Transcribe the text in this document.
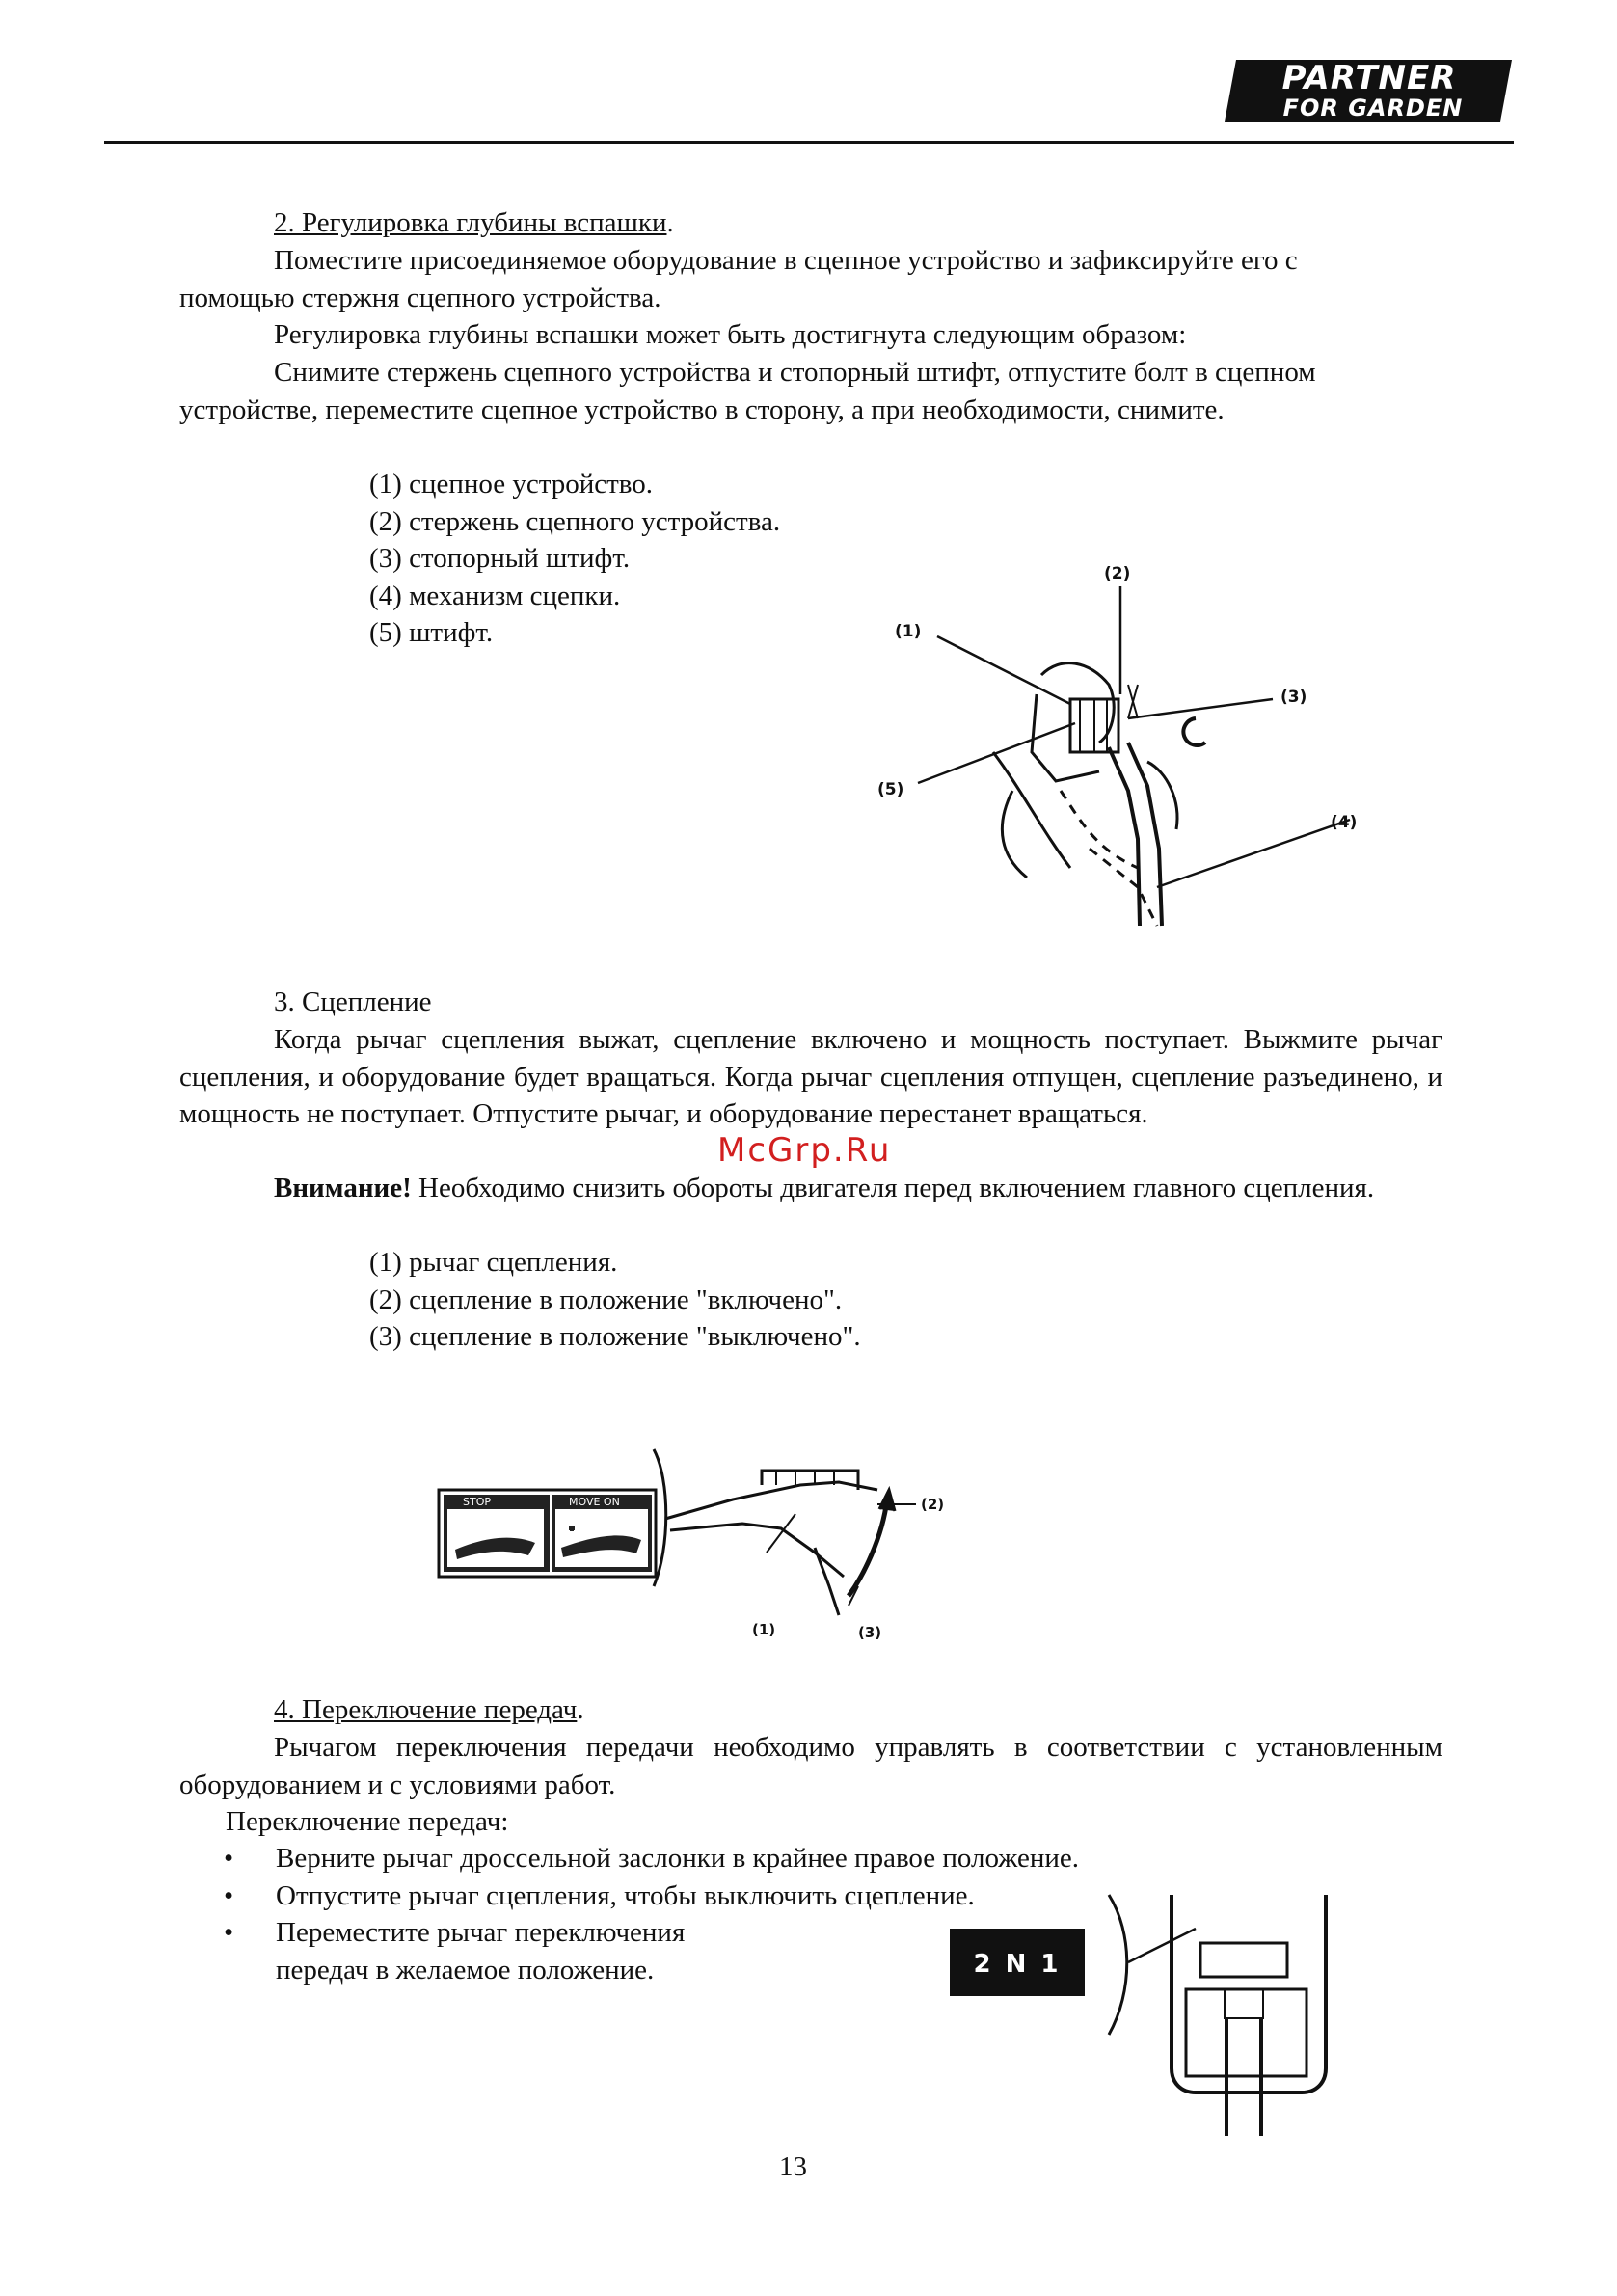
PARTNER
FOR GARDEN
2. Регулировка глубины вспашки.
Поместите присоединяемое оборудование в сцепное устройство и зафиксируйте его с помощью стержня сцепного устройства.
Регулировка глубины вспашки может быть достигнута следующим образом:
Снимите стержень сцепного устройства и стопорный штифт, отпустите болт в сцепном устройстве, переместите сцепное устройство в сторону, а при необходимости, снимите.
(1) сцепное устройство.
(2) стержень сцепного устройства.
(3) стопорный штифт.
(4) механизм сцепки.
(5) штифт.	(1)
(2)
(3)
(4)
(5)
3. Сцепление
Когда рычаг сцепления выжат, сцепление включено и мощность поступает. Выжмите рычаг сцепления, и оборудование будет вращаться. Когда рычаг сцепления отпущен, сцепление разъединено, и мощность не поступает. Отпустите рычаг, и оборудование перестанет вращаться.
McGrp.Ru
Внимание! Необходимо снизить обороты двигателя перед включением главного сцепления.
(1) рычаг сцепления.
(2) сцепление в положение "включено".
(3) сцепление в положение "выключено".
STOP	MOVE ON
(1)
(2)
(3)
4. Переключение передач.
Рычагом переключения передачи необходимо управлять в соответствии с установленным оборудованием и с условиями работ.
Переключение передач:
• Верните рычаг дроссельной заслонки в крайнее правое положение.
• Отпустите рычаг сцепления, чтобы выключить сцепление.
• Переместите рычаг переключения передач в желаемое положение.	2 N 1
13
